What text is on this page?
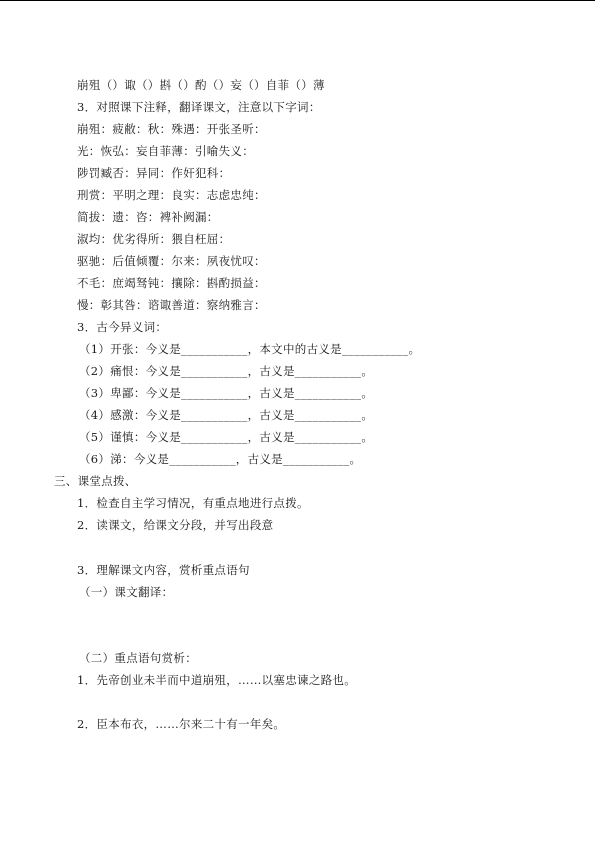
崩殂（）诹（）斟（）酌（）妄（）自菲（）薄
3．对照课下注释，翻译课文，注意以下字词：
崩殂：疲敝：秋：殊遇：开张圣听：
光：恢弘：妄自菲薄：引喻失义：
陟罚臧否：异同：作奸犯科：
刑赏：平明之理：良实：志虑忠纯：
简拔：遗：咨：裨补阙漏：
淑均：优劣得所：猥自枉屈：
驱驰：后值倾覆：尔来：夙夜忧叹：
不毛：庶竭驽钝：攘除：斟酌损益：
慢：彰其咎：谘诹善道：察纳雅言：
3．古今异义词：
（1）开张：今义是___________，本文中的古义是___________。
（2）痛恨：今义是___________，古义是___________。
（3）卑鄙：今义是___________，古义是___________。
（4）感激：今义是___________，古义是___________。
（5）谨慎：今义是___________，古义是___________。
（6）涕：今义是___________，古义是___________。
三、课堂点拨、
1．检查自主学习情况，有重点地进行点拨。
2．读课文，给课文分段，并写出段意
3．理解课文内容，赏析重点语句
（一）课文翻译：
（二）重点语句赏析：
1．先帝创业未半而中道崩殂，……以塞忠谏之路也。
2．臣本布衣，……尔来二十有一年矣。
